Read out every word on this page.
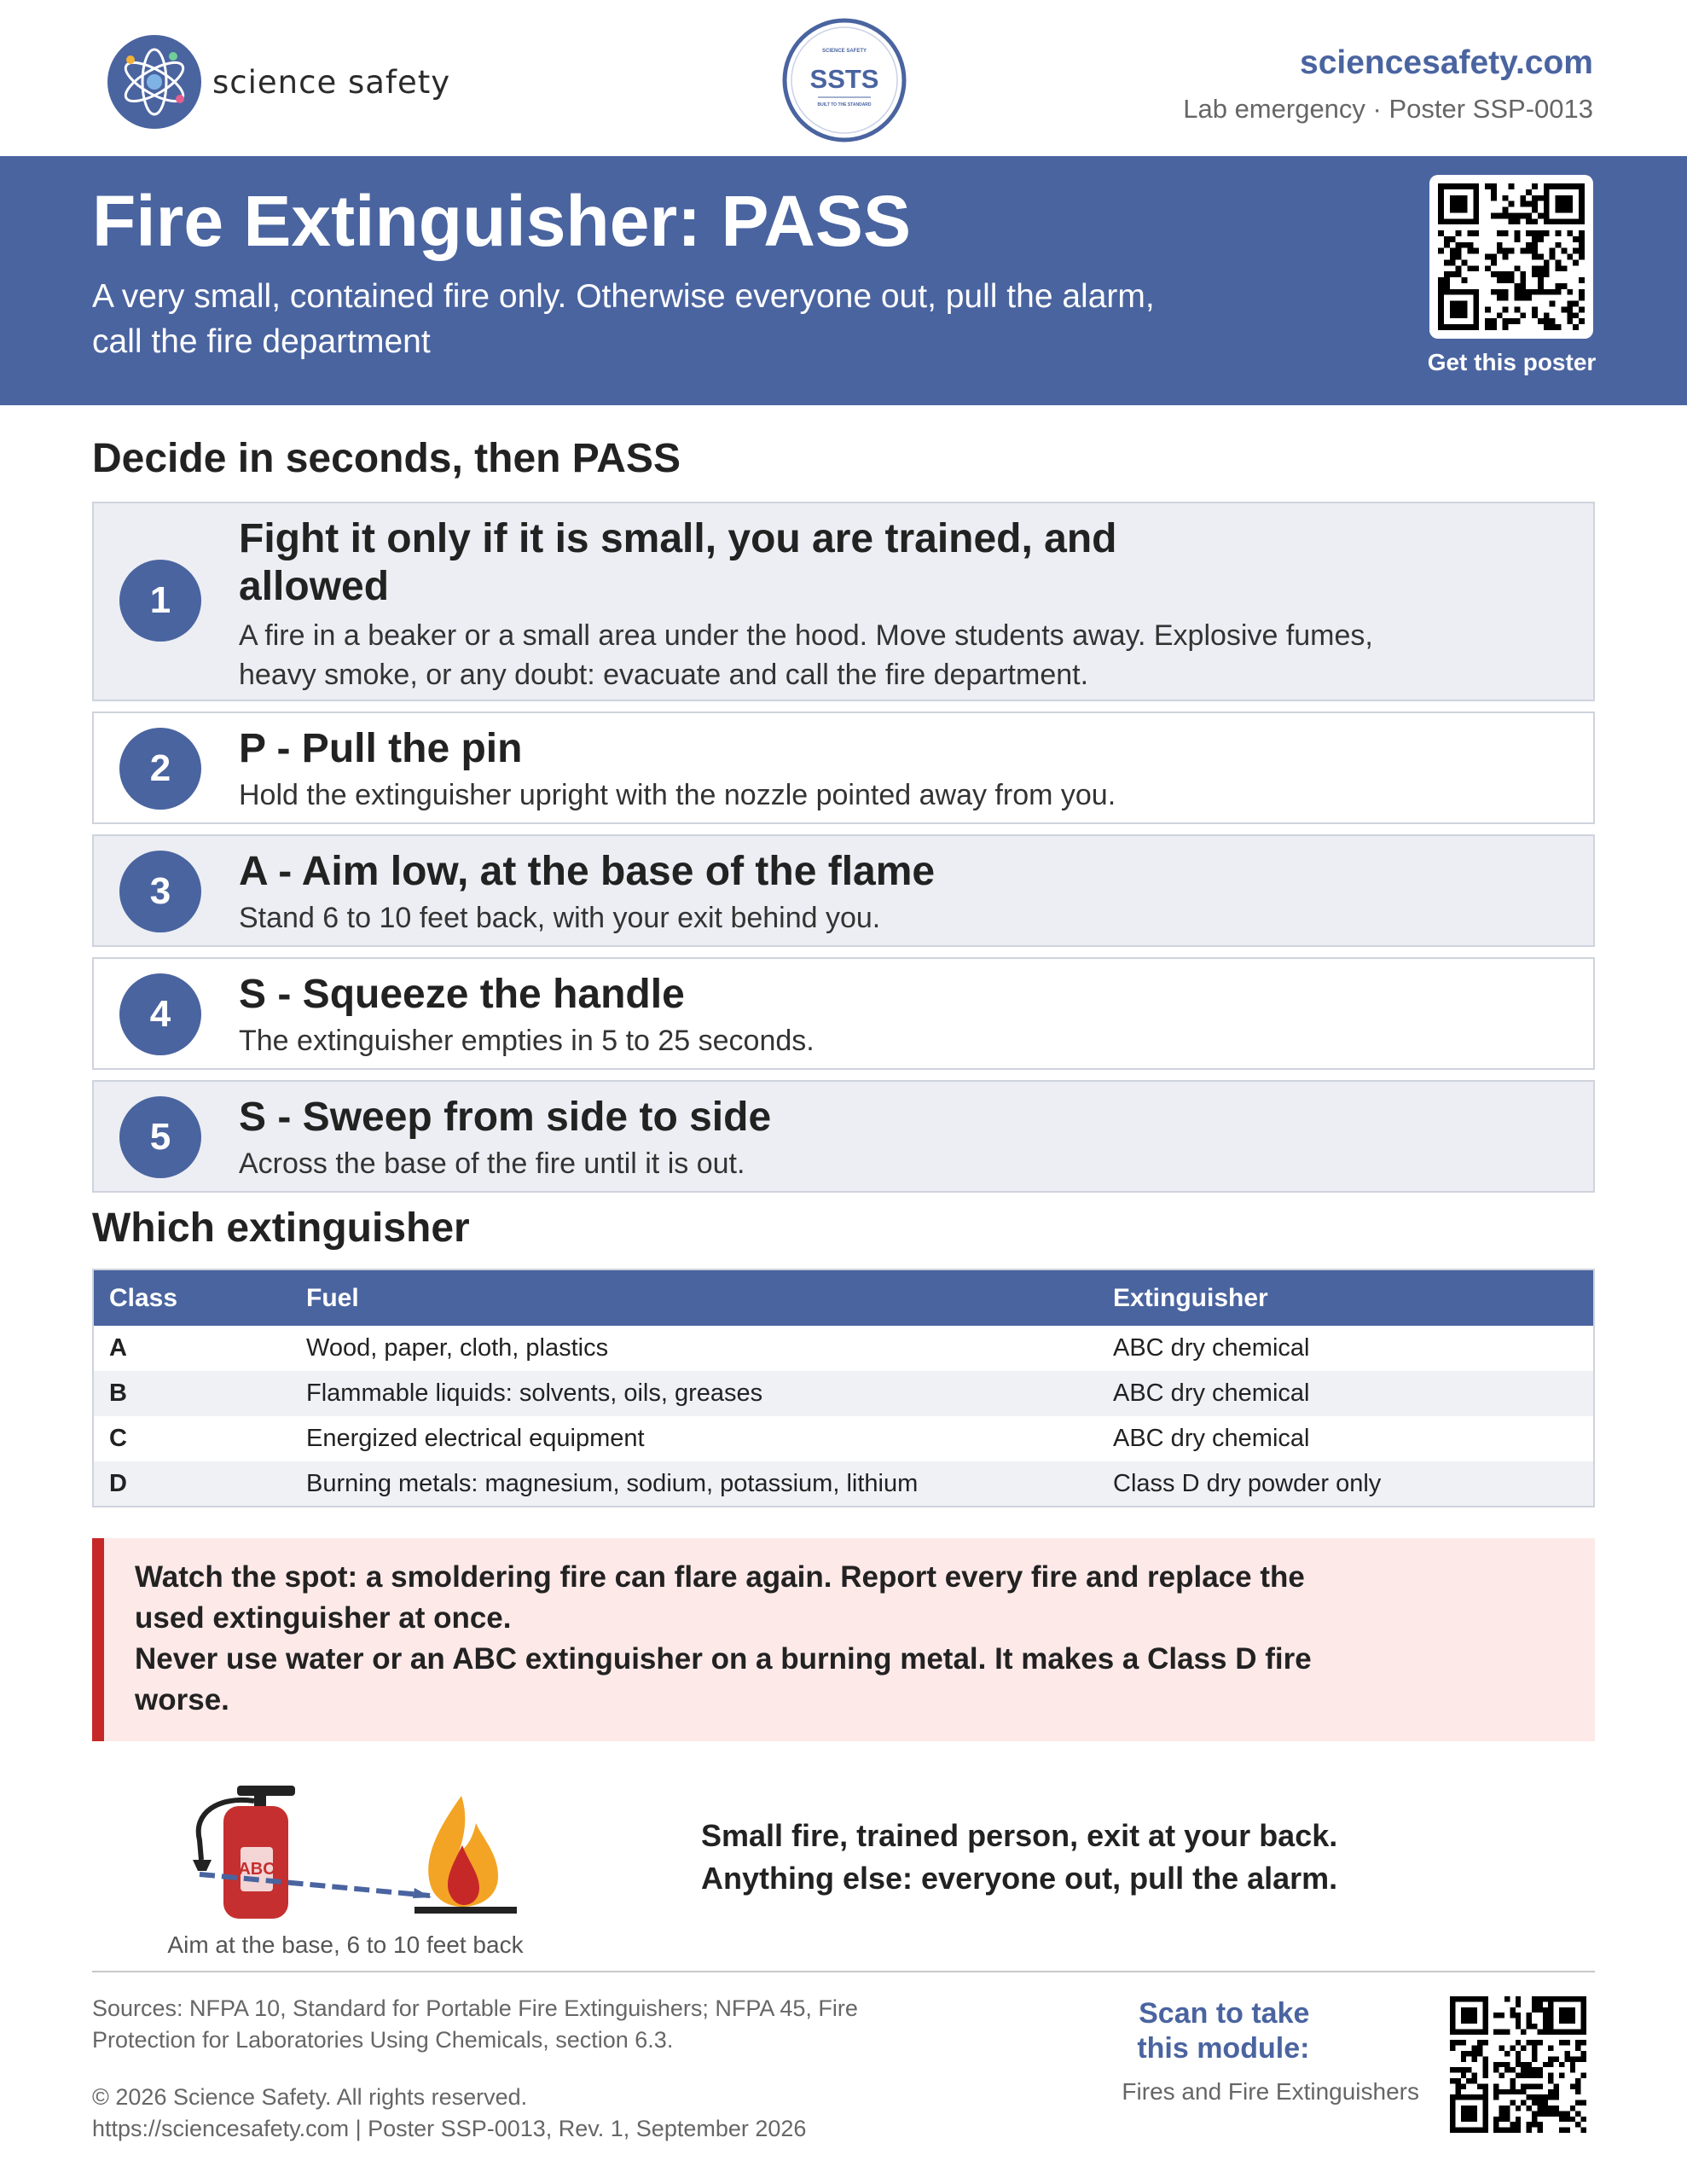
science safety
SCIENCE SAFETY
SSTS
BUILT TO THE STANDARD
sciencesafety.com
Lab emergency · Poster SSP-0013
Fire Extinguisher: PASS
A very small, contained fire only. Otherwise everyone out, pull the alarm, call the fire department
Get this poster
Decide in seconds, then PASS
1
Fight it only if it is small, you are trained, and allowed
A fire in a beaker or a small area under the hood. Move students away. Explosive fumes, heavy smoke, or any doubt: evacuate and call the fire department.
2	P - Pull the pin
Hold the extinguisher upright with the nozzle pointed away from you.
3	A - Aim low, at the base of the flame
Stand 6 to 10 feet back, with your exit behind you.
4	S - Squeeze the handle
The extinguisher empties in 5 to 25 seconds.
5	S - Sweep from side to side
Across the base of the fire until it is out.
Which extinguisher
Class	Fuel	Extinguisher
A	Wood, paper, cloth, plastics	ABC dry chemical
B	Flammable liquids: solvents, oils, greases	ABC dry chemical
C	Energized electrical equipment	ABC dry chemical
D	Burning metals: magnesium, sodium, potassium, lithium	Class D dry powder only

Watch the spot: a smoldering fire can flare again. Report every fire and replace the used extinguisher at once.

Never use water or an ABC extinguisher on a burning metal. It makes a Class D fire worse.

ABC
Aim at the base, 6 to 10 feet back
Small fire, trained person, exit at your back.
Anything else: everyone out, pull the alarm.
Sources: NFPA 10, Standard for Portable Fire Extinguishers; NFPA 45, Fire Protection for Laboratories Using Chemicals, section 6.3.
© 2026 Science Safety. All rights reserved.
https://sciencesafety.com | Poster SSP-0013, Rev. 1, September 2026
Scan to take this module:
Fires and Fire Extinguishers
